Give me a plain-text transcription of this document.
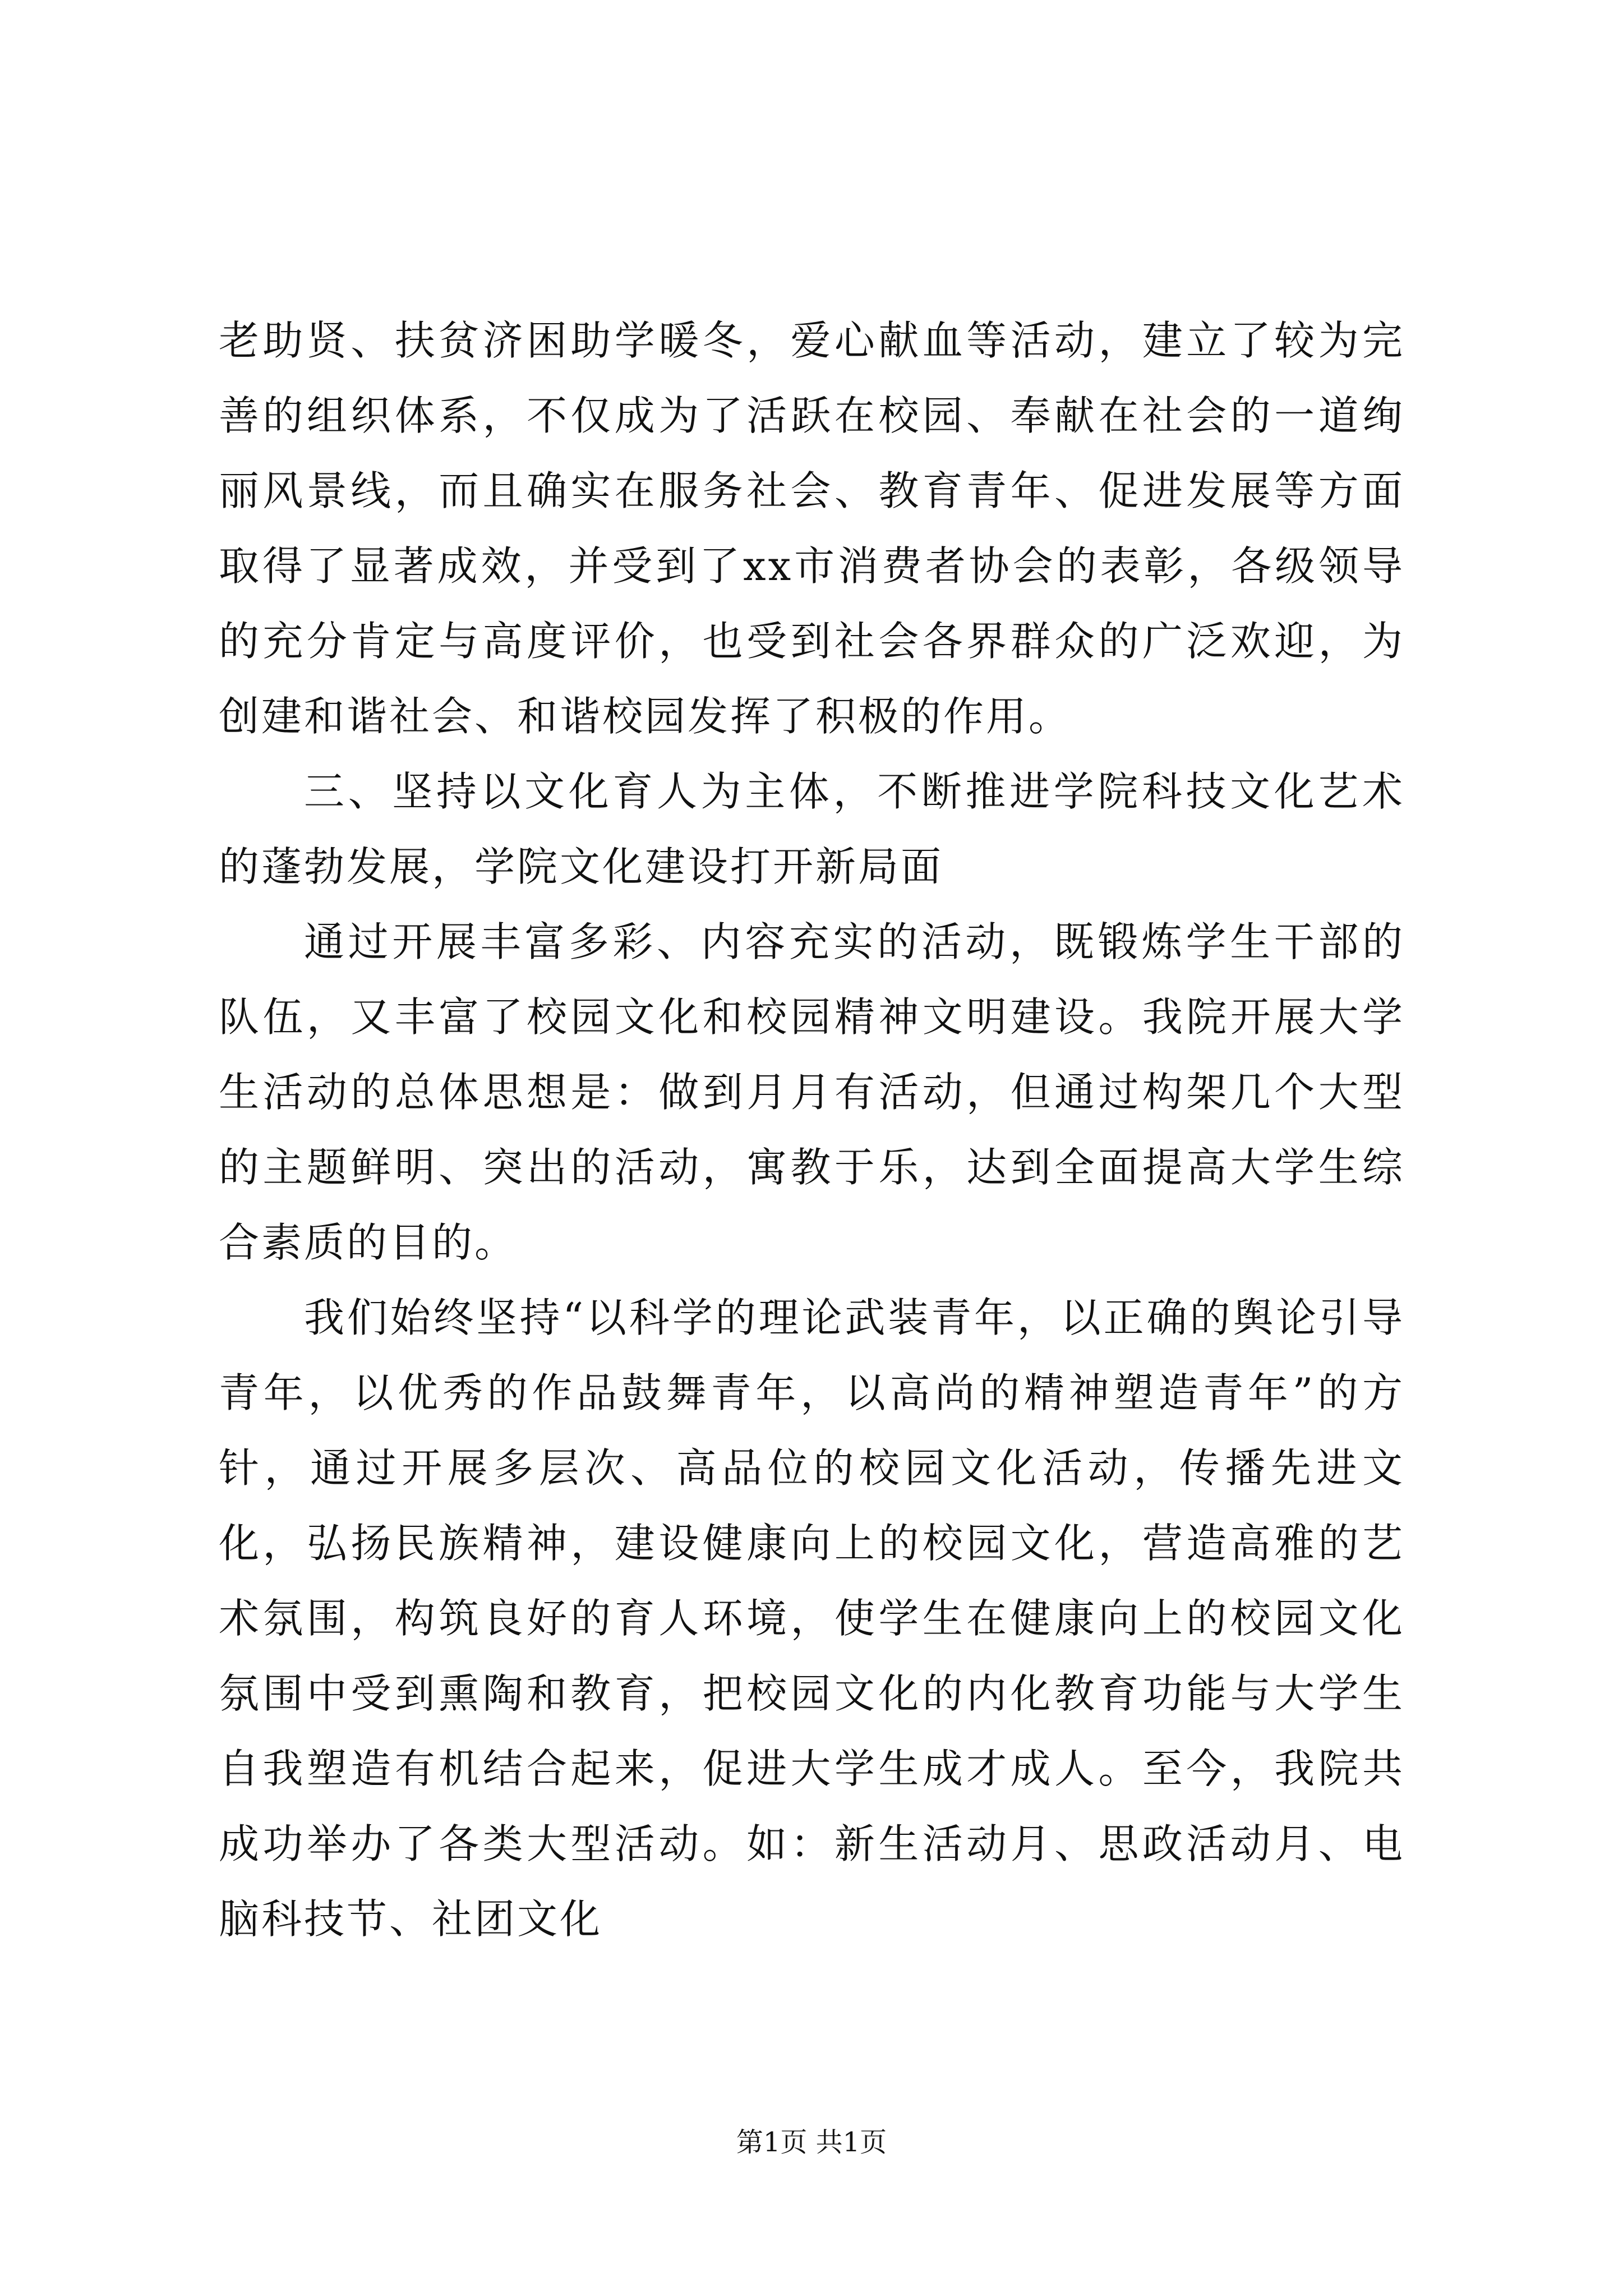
老助贤、扶贫济困助学暖冬，爱心献血等活动，建立了较为完善的组织体系，不仅成为了活跃在校园、奉献在社会的一道绚丽风景线，而且确实在服务社会、教育青年、促进发展等方面取得了显著成效，并受到了xx市消费者协会的表彰，各级领导的充分肯定与高度评价，也受到社会各界群众的广泛欢迎，为创建和谐社会、和谐校园发挥了积极的作用。

三、坚持以文化育人为主体，不断推进学院科技文化艺术的蓬勃发展，学院文化建设打开新局面

通过开展丰富多彩、内容充实的活动，既锻炼学生干部的队伍，又丰富了校园文化和校园精神文明建设。我院开展大学生活动的总体思想是：做到月月有活动，但通过构架几个大型的主题鲜明、突出的活动，寓教于乐，达到全面提高大学生综合素质的目的。

我们始终坚持“以科学的理论武装青年，以正确的舆论引导青年，以优秀的作品鼓舞青年，以高尚的精神塑造青年”的方针，通过开展多层次、高品位的校园文化活动，传播先进文化，弘扬民族精神，建设健康向上的校园文化，营造高雅的艺术氛围，构筑良好的育人环境，使学生在健康向上的校园文化氛围中受到熏陶和教育，把校园文化的内化教育功能与大学生自我塑造有机结合起来，促进大学生成才成人。至今，我院共成功举办了各类大型活动。如：新生活动月、思政活动月、电脑科技节、社团文化

第1页 共1页
